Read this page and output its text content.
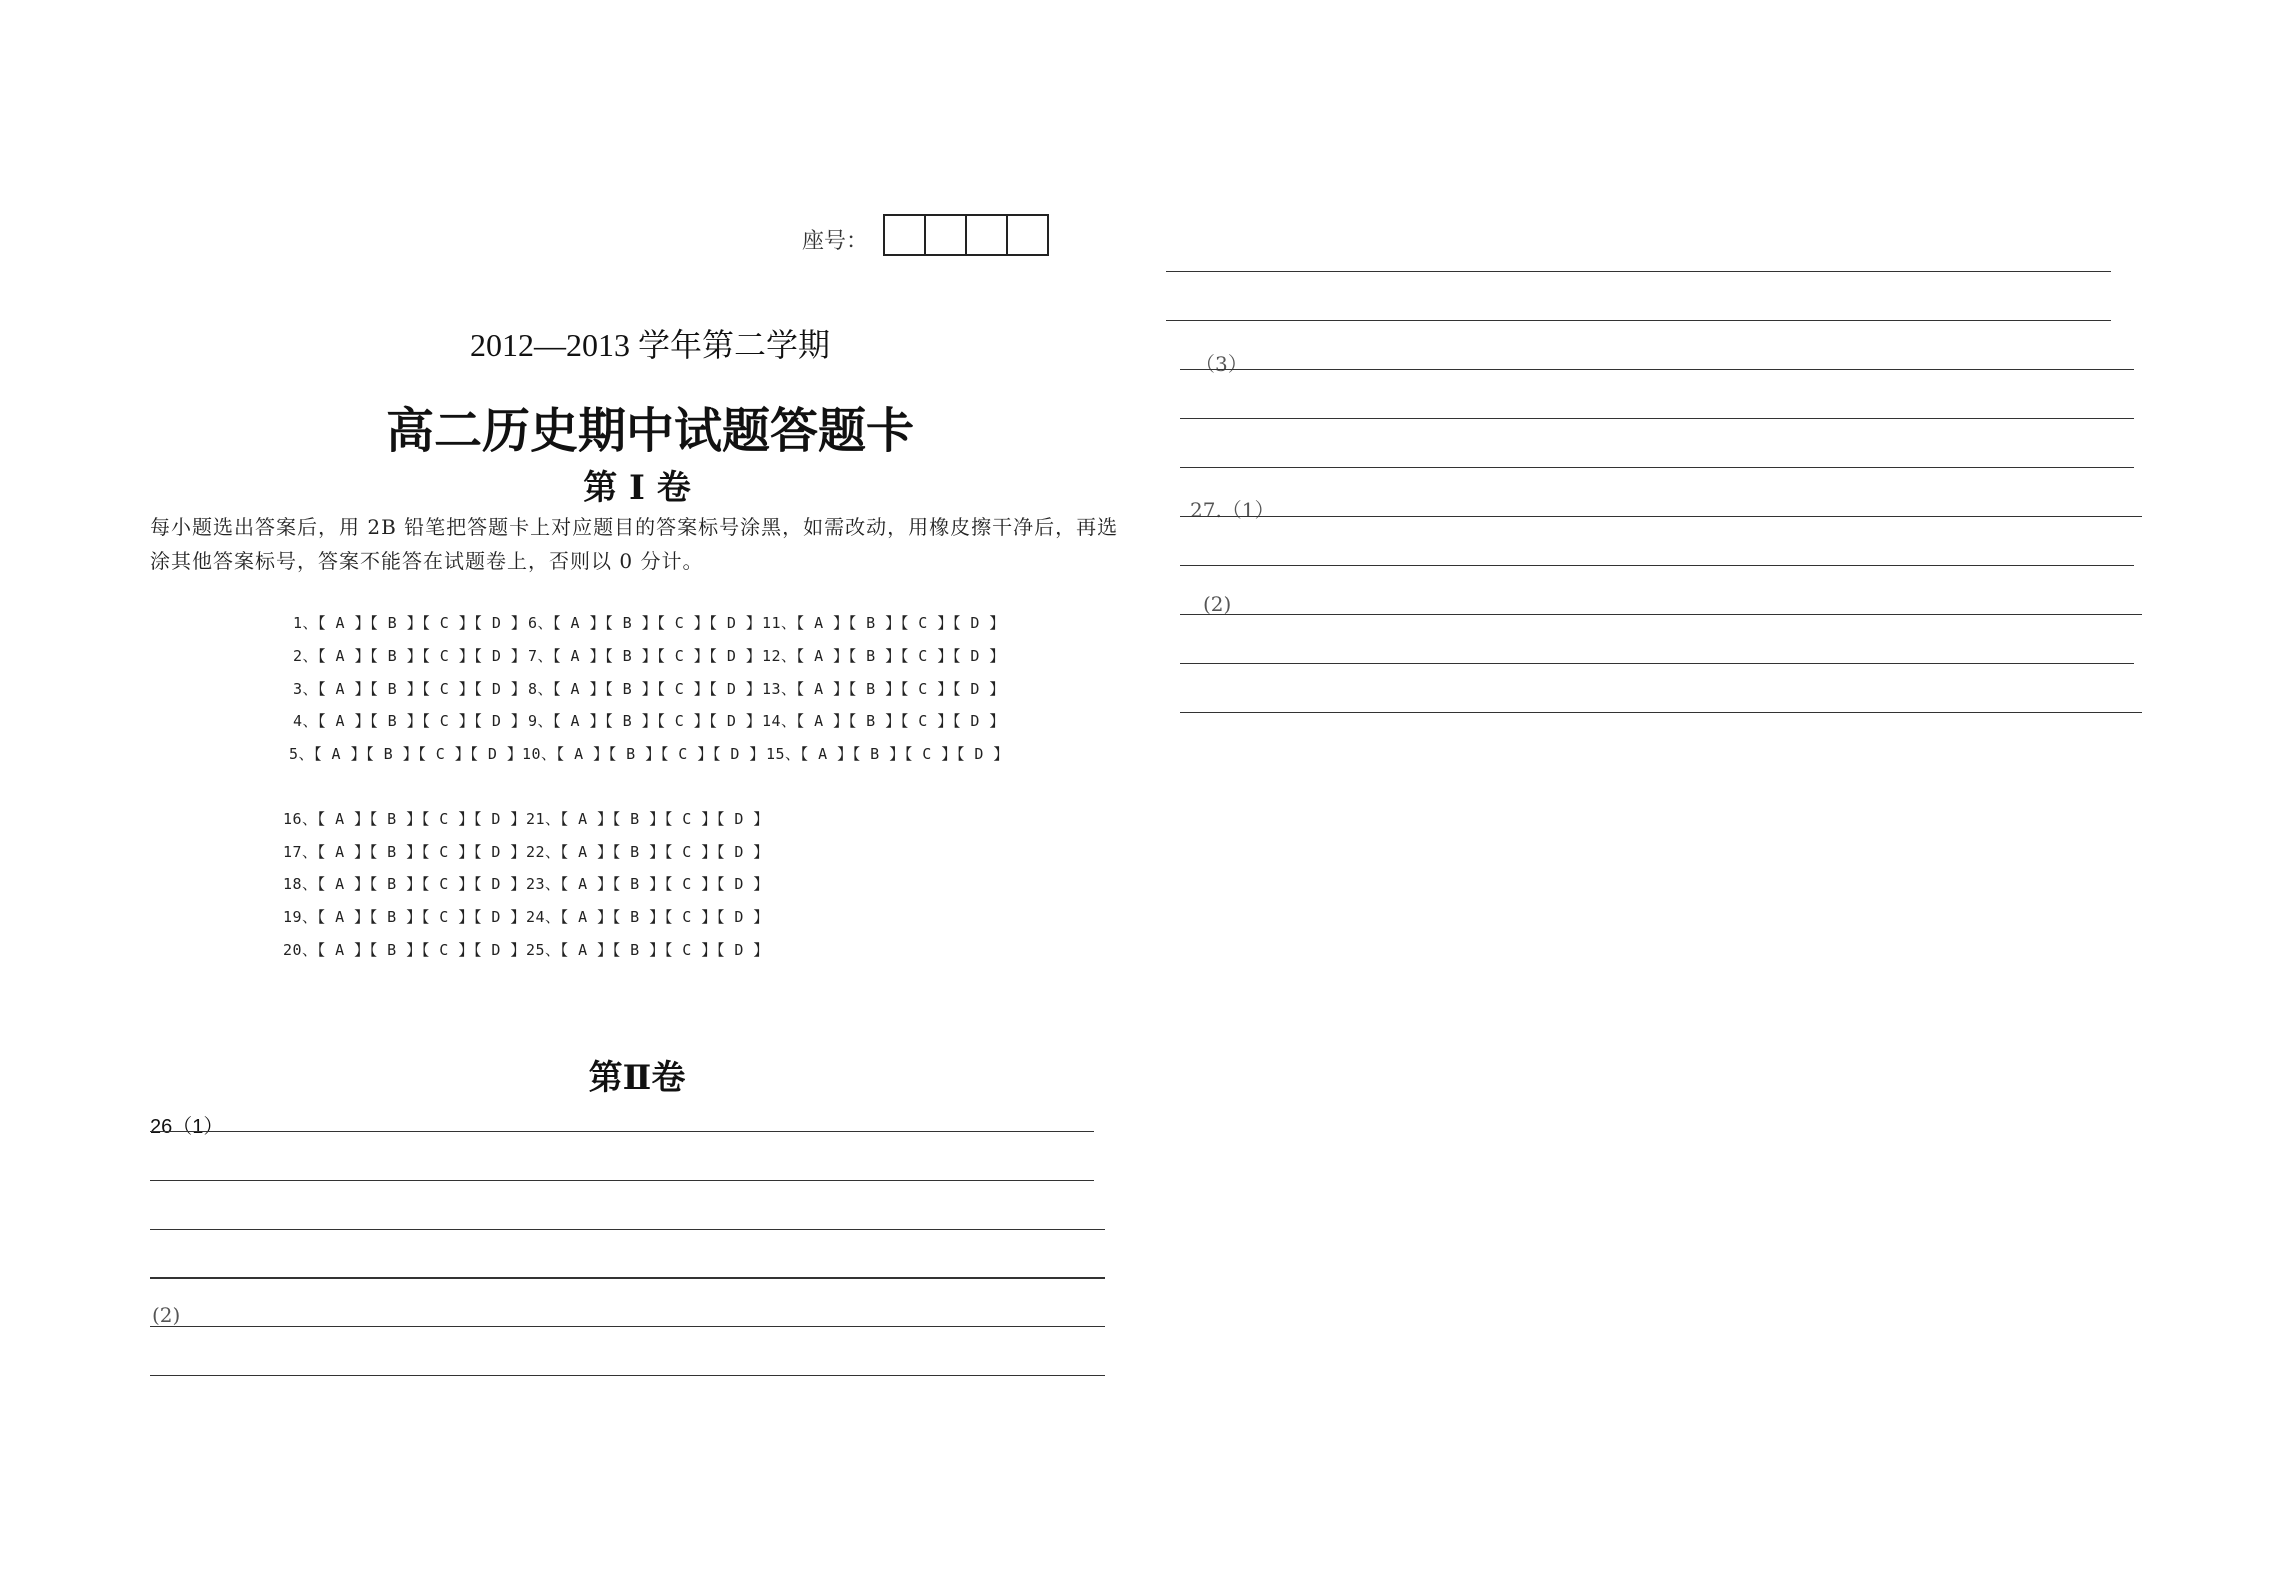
座号：
2012—2013 学年第二学期
高二历史期中试题答题卡
第 I 卷
每小题选出答案后，用 2B 铅笔把答题卡上对应题目的答案标号涂黑，如需改动，用橡皮擦干净后，再选涂其他答案标号，答案不能答在试题卷上，否则以 0 分计。
1、【 A 】【 B 】【 C 】【 D 】 6、【 A 】【 B 】【 C 】【 D 】 11、【 A 】【 B 】【 C 】【 D 】
2、【 A 】【 B 】【 C 】【 D 】 7、【 A 】【 B 】【 C 】【 D 】 12、【 A 】【 B 】【 C 】【 D 】
3、【 A 】【 B 】【 C 】【 D 】 8、【 A 】【 B 】【 C 】【 D 】 13、【 A 】【 B 】【 C 】【 D 】
4、【 A 】【 B 】【 C 】【 D 】 9、【 A 】【 B 】【 C 】【 D 】 14、【 A 】【 B 】【 C 】【 D 】
5、【 A 】【 B 】【 C 】【 D 】 10、【 A 】【 B 】【 C 】【 D 】 15、【 A 】【 B 】【 C 】【 D 】
16、【 A 】【 B 】【 C 】【 D 】 21、【 A 】【 B 】【 C 】【 D 】
17、【 A 】【 B 】【 C 】【 D 】 22、【 A 】【 B 】【 C 】【 D 】
18、【 A 】【 B 】【 C 】【 D 】 23、【 A 】【 B 】【 C 】【 D 】
19、【 A 】【 B 】【 C 】【 D 】 24、【 A 】【 B 】【 C 】【 D 】
20、【 A 】【 B 】【 C 】【 D 】 25、【 A 】【 B 】【 C 】【 D 】
第Ⅱ卷
26（1）
(2)
（3）
27.（1）
(2)
